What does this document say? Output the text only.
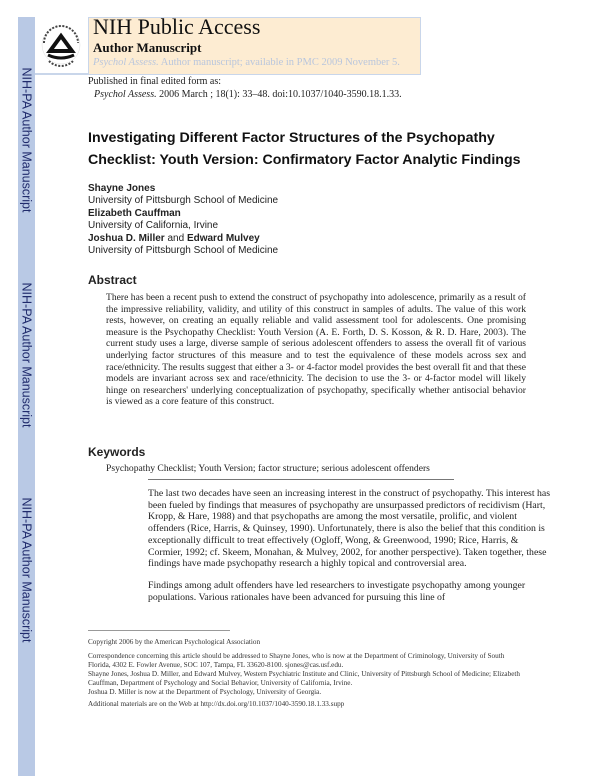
NIH-PA Author Manuscript
NIH-PA Author Manuscript
NIH-PA Author Manuscript
NIH Public Access
Author Manuscript
Psychol Assess. Author manuscript; available in PMC 2009 November 5.
Published in final edited form as:
Psychol Assess. 2006 March ; 18(1): 33–48. doi:10.1037/1040-3590.18.1.33.
Investigating Different Factor Structures of the Psychopathy Checklist: Youth Version: Confirmatory Factor Analytic Findings
Shayne Jones
University of Pittsburgh School of Medicine
Elizabeth Cauffman
University of California, Irvine
Joshua D. Miller and Edward Mulvey
University of Pittsburgh School of Medicine
Abstract
There has been a recent push to extend the construct of psychopathy into adolescence, primarily as a result of the impressive reliability, validity, and utility of this construct in samples of adults. The value of this work rests, however, on creating an equally reliable and valid assessment tool for adolescents. One promising measure is the Psychopathy Checklist: Youth Version (A. E. Forth, D. S. Kosson, & R. D. Hare, 2003). The current study uses a large, diverse sample of serious adolescent offenders to assess the overall fit of various underlying factor structures of this measure and to test the equivalence of these models across sex and race/ethnicity. The results suggest that either a 3- or 4-factor model provides the best overall fit and that these models are invariant across sex and race/ethnicity. The decision to use the 3- or 4-factor model will likely hinge on researchers' underlying conceptualization of psychopathy, specifically whether antisocial behavior is viewed as a core feature of this construct.
Keywords
Psychopathy Checklist; Youth Version; factor structure; serious adolescent offenders

The last two decades have seen an increasing interest in the construct of psychopathy. This interest has been fueled by findings that measures of psychopathy are unsurpassed predictors of recidivism (Hart, Kropp, & Hare, 1988) and that psychopaths are among the most versatile, prolific, and violent offenders (Rice, Harris, & Quinsey, 1990). Unfortunately, there is also the belief that this condition is exceptionally difficult to treat effectively (Ogloff, Wong, & Greenwood, 1990; Rice, Harris, & Cormier, 1992; cf. Skeem, Monahan, & Mulvey, 2002, for another perspective). Taken together, these findings have made psychopathy research a highly topical and controversial area.

Findings among adult offenders have led researchers to investigate psychopathy among younger populations. Various rationales have been advanced for pursuing this line of

Copyright 2006 by the American Psychological Association
Correspondence concerning this article should be addressed to Shayne Jones, who is now at the Department of Criminology, University of South Florida, 4302 E. Fowler Avenue, SOC 107, Tampa, FL 33620-8100. sjones@cas.usf.edu.
Shayne Jones, Joshua D. Miller, and Edward Mulvey, Western Psychiatric Institute and Clinic, University of Pittsburgh School of Medicine; Elizabeth Cauffman, Department of Psychology and Social Behavior, University of California, Irvine.
Joshua D. Miller is now at the Department of Psychology, University of Georgia.
Additional materials are on the Web at http://dx.doi.org/10.1037/1040-3590.18.1.33.supp
